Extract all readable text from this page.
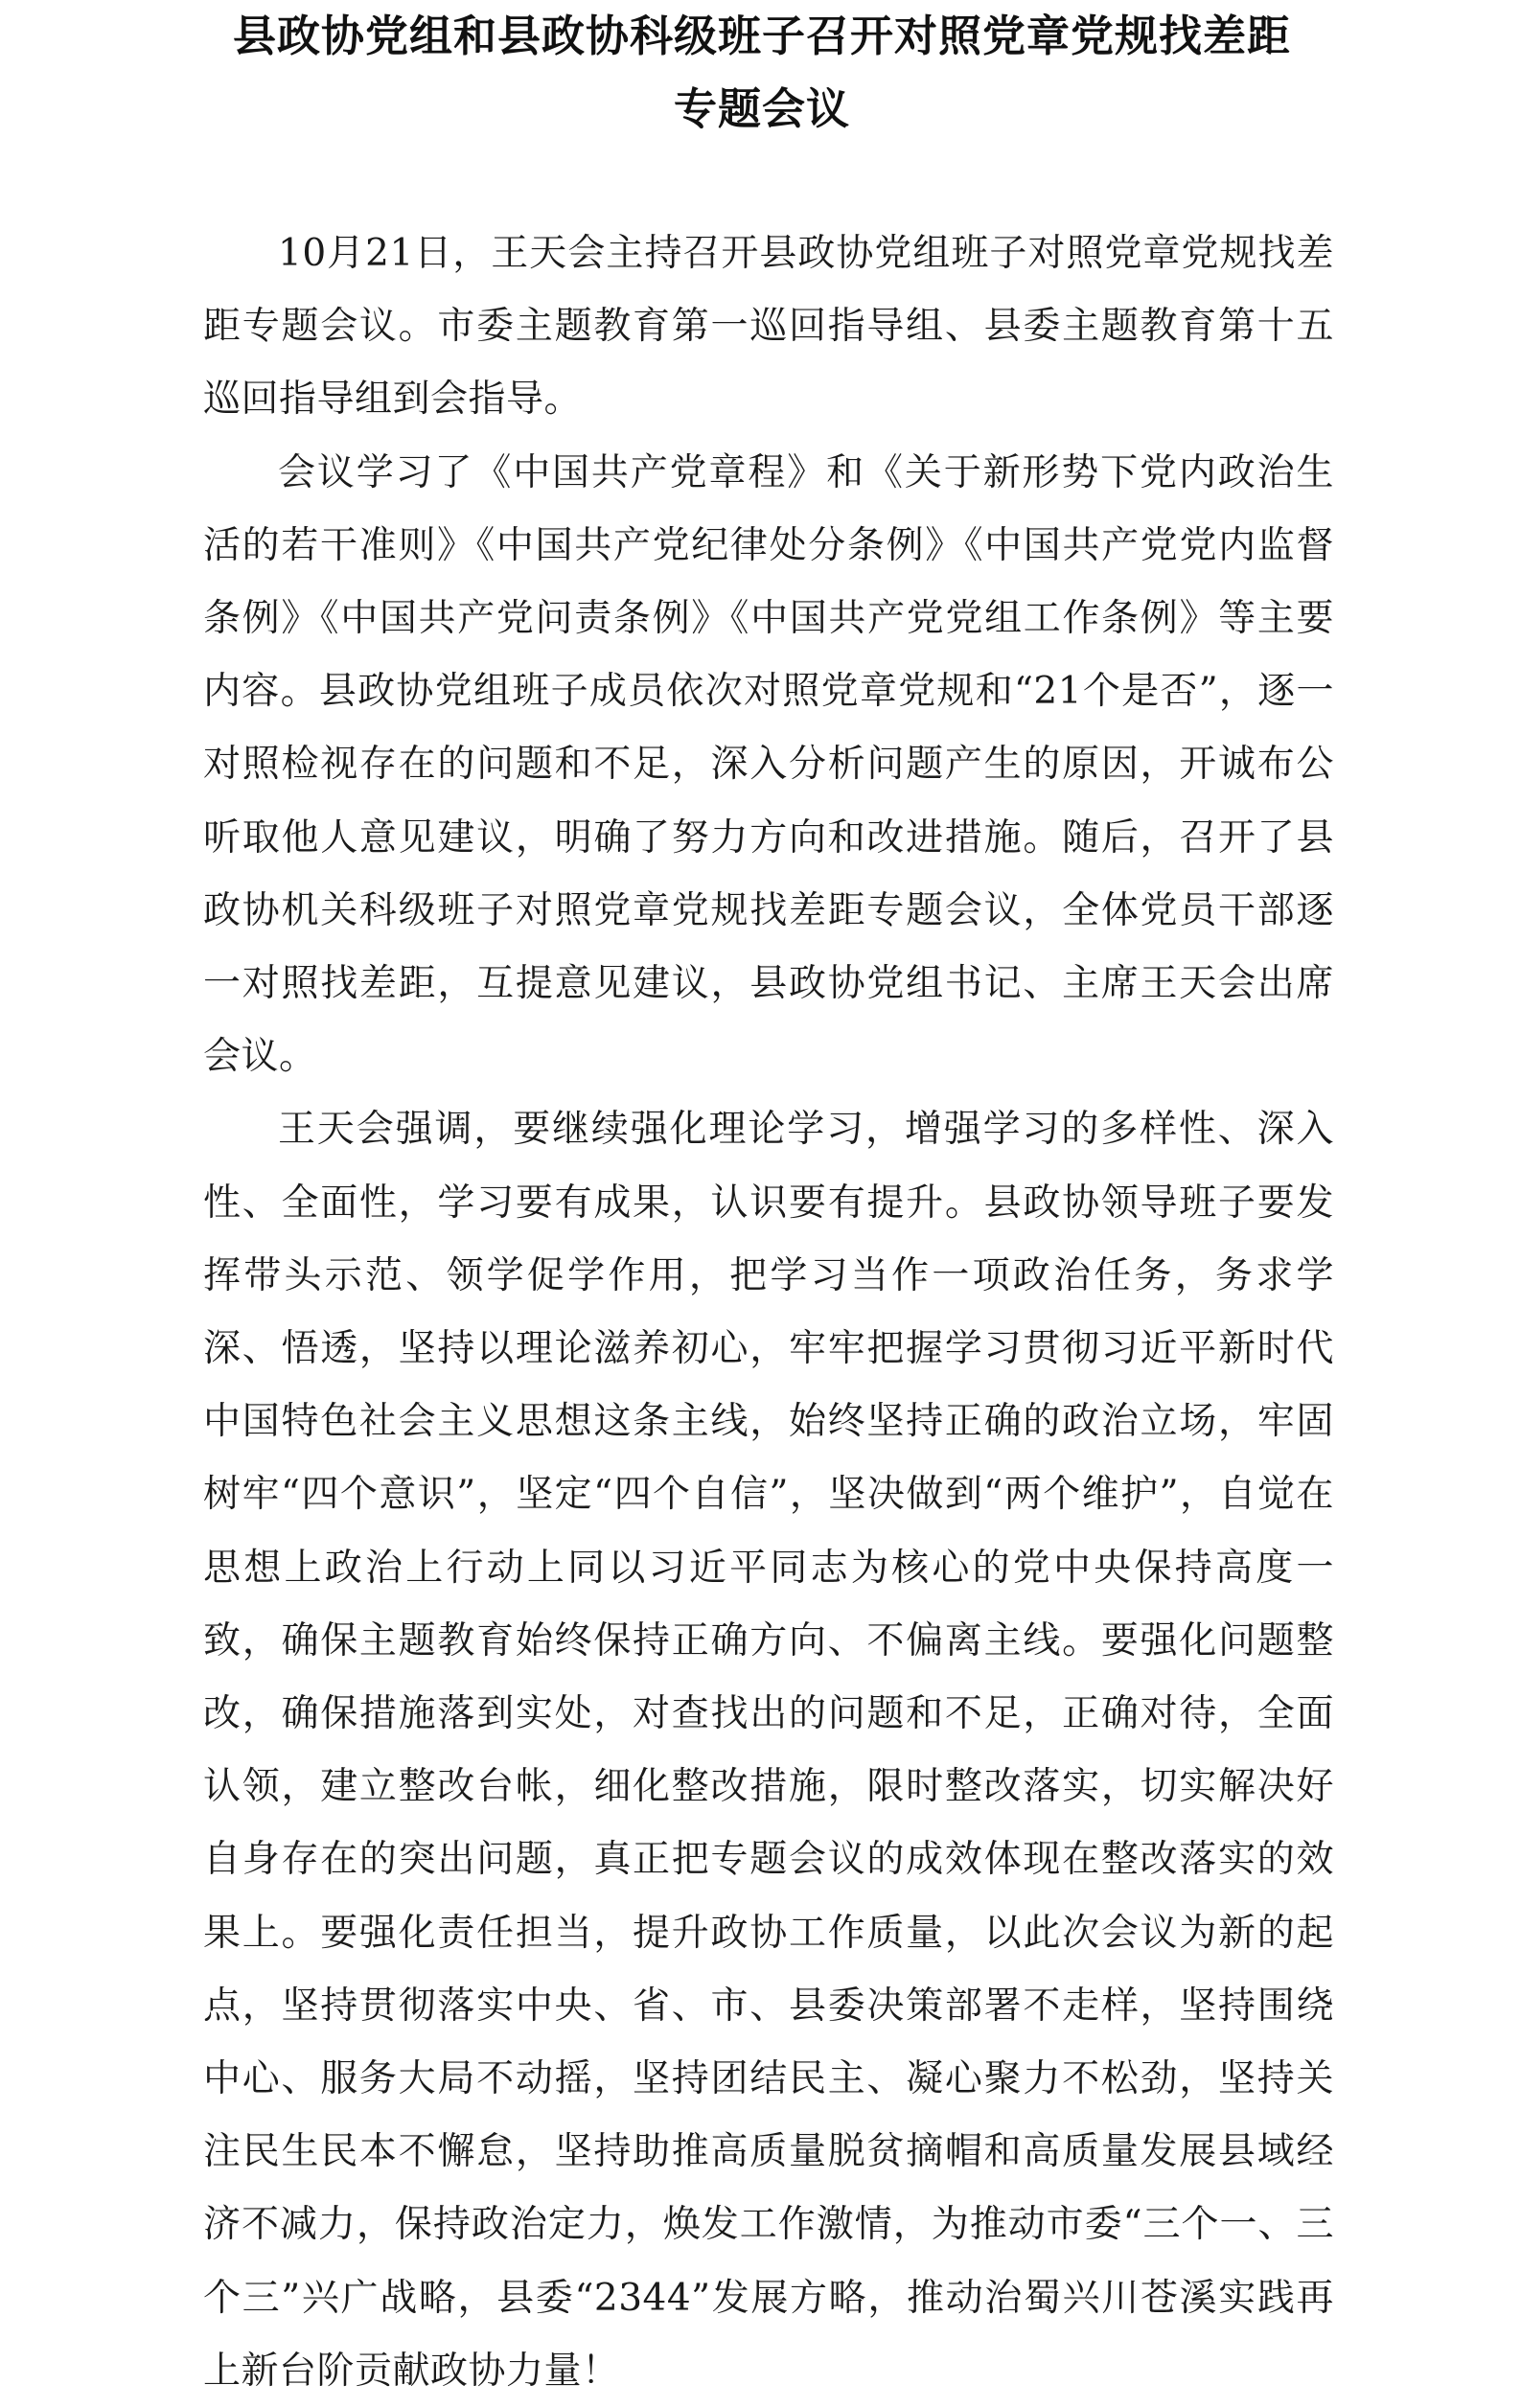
县政协党组和县政协科级班子召开对照党章党规找差距
专题会议

10月21日，王天会主持召开县政协党组班子对照党章党规找差距专题会议。市委主题教育第一巡回指导组、县委主题教育第十五巡回指导组到会指导。

会议学习了《中国共产党章程》和《关于新形势下党内政治生活的若干准则》《中国共产党纪律处分条例》《中国共产党党内监督条例》《中国共产党问责条例》《中国共产党党组工作条例》等主要内容。县政协党组班子成员依次对照党章党规和“21个是否”，逐一对照检视存在的问题和不足，深入分析问题产生的原因，开诚布公听取他人意见建议，明确了努力方向和改进措施。随后，召开了县政协机关科级班子对照党章党规找差距专题会议，全体党员干部逐一对照找差距，互提意见建议，县政协党组书记、主席王天会出席会议。

王天会强调，要继续强化理论学习，增强学习的多样性、深入性、全面性，学习要有成果，认识要有提升。县政协领导班子要发挥带头示范、领学促学作用，把学习当作一项政治任务，务求学深、悟透，坚持以理论滋养初心，牢牢把握学习贯彻习近平新时代中国特色社会主义思想这条主线，始终坚持正确的政治立场，牢固树牢“四个意识”，坚定“四个自信”，坚决做到“两个维护”，自觉在思想上政治上行动上同以习近平同志为核心的党中央保持高度一致，确保主题教育始终保持正确方向、不偏离主线。要强化问题整改，确保措施落到实处，对查找出的问题和不足，正确对待，全面认领，建立整改台帐，细化整改措施，限时整改落实，切实解决好自身存在的突出问题，真正把专题会议的成效体现在整改落实的效果上。要强化责任担当，提升政协工作质量，以此次会议为新的起点，坚持贯彻落实中央、省、市、县委决策部署不走样，坚持围绕中心、服务大局不动摇，坚持团结民主、凝心聚力不松劲，坚持关注民生民本不懈怠，坚持助推高质量脱贫摘帽和高质量发展县域经济不减力，保持政治定力，焕发工作激情，为推动市委“三个一、三个三”兴广战略，县委“2344”发展方略，推动治蜀兴川苍溪实践再上新台阶贡献政协力量！
